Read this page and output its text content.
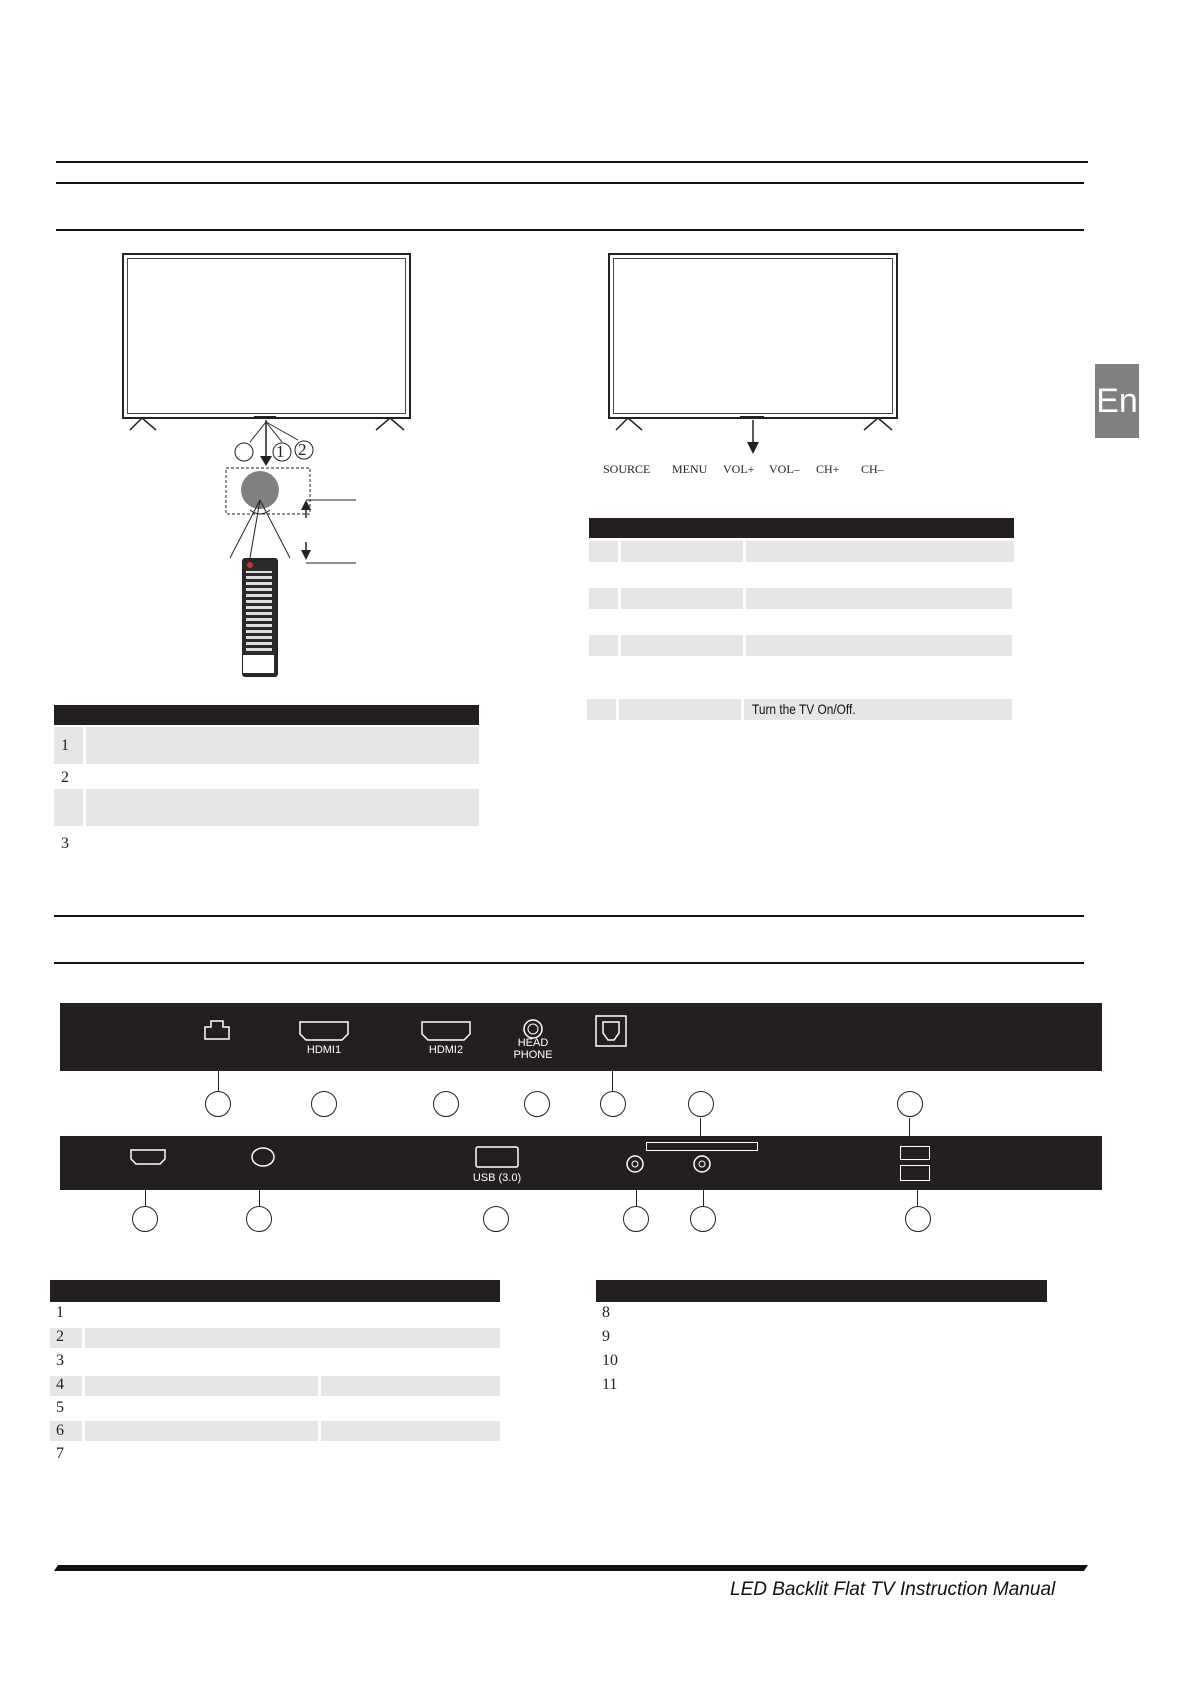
En
1 2
SOURCE MENU VOL+ VOL– CH+ CH–
Turn the TV On/Off.
1
2
3
HDMI1	HDMI2
HEAD
PHONE
USB (3.0)
1
2
3
4
5
6
7
8
9
10
11
LED Backlit Flat TV Instruction Manual
